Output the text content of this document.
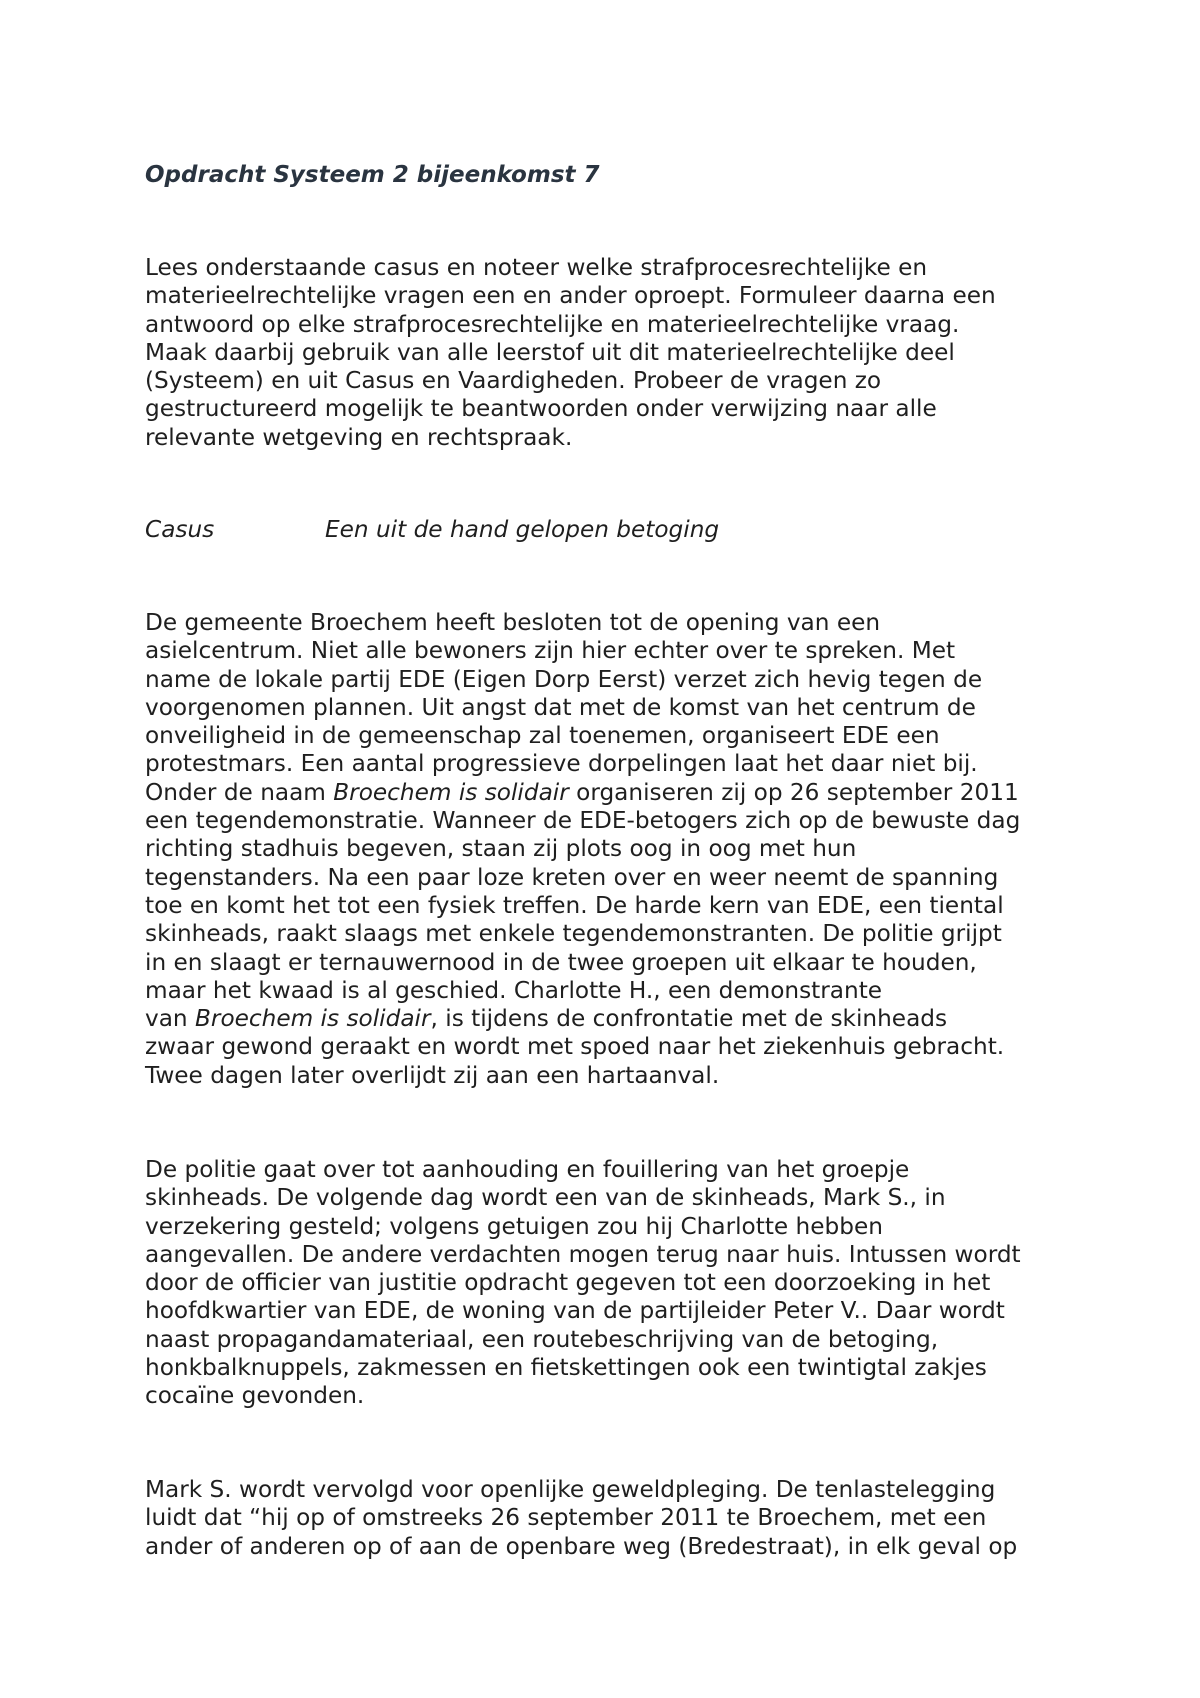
Opdracht Systeem 2 bijeenkomst 7

Lees onderstaande casus en noteer welke strafprocesrechtelijke en
materieelrechtelijke vragen een en ander oproept. Formuleer daarna een
antwoord op elke strafprocesrechtelijke en materieelrechtelijke vraag.
Maak daarbij gebruik van alle leerstof uit dit materieelrechtelijke deel
(Systeem) en uit Casus en Vaardigheden. Probeer de vragen zo
gestructureerd mogelijk te beantwoorden onder verwijzing naar alle
relevante wetgeving en rechtspraak.

Casus	Een uit de hand gelopen betoging

De gemeente Broechem heeft besloten tot de opening van een
asielcentrum. Niet alle bewoners zijn hier echter over te spreken. Met
name de lokale partij EDE (Eigen Dorp Eerst) verzet zich hevig tegen de
voorgenomen plannen. Uit angst dat met de komst van het centrum de
onveiligheid in de gemeenschap zal toenemen, organiseert EDE een
protestmars. Een aantal progressieve dorpelingen laat het daar niet bij.
Onder de naam Broechem is solidair organiseren zij op 26 september 2011
een tegendemonstratie. Wanneer de EDE-betogers zich op de bewuste dag
richting stadhuis begeven, staan zij plots oog in oog met hun
tegenstanders. Na een paar loze kreten over en weer neemt de spanning
toe en komt het tot een fysiek treffen. De harde kern van EDE, een tiental
skinheads, raakt slaags met enkele tegendemonstranten. De politie grijpt
in en slaagt er ternauwernood in de twee groepen uit elkaar te houden,
maar het kwaad is al geschied. Charlotte H., een demonstrante
van Broechem is solidair, is tijdens de confrontatie met de skinheads
zwaar gewond geraakt en wordt met spoed naar het ziekenhuis gebracht.
Twee dagen later overlijdt zij aan een hartaanval.

De politie gaat over tot aanhouding en fouillering van het groepje
skinheads. De volgende dag wordt een van de skinheads, Mark S., in
verzekering gesteld; volgens getuigen zou hij Charlotte hebben
aangevallen. De andere verdachten mogen terug naar huis. Intussen wordt
door de officier van justitie opdracht gegeven tot een doorzoeking in het
hoofdkwartier van EDE, de woning van de partijleider Peter V.. Daar wordt
naast propagandamateriaal, een routebeschrijving van de betoging,
honkbalknuppels, zakmessen en fietskettingen ook een twintigtal zakjes
cocaïne gevonden.

Mark S. wordt vervolgd voor openlijke geweldpleging. De tenlastelegging
luidt dat “hij op of omstreeks 26 september 2011 te Broechem, met een
ander of anderen op of aan de openbare weg (Bredestraat), in elk geval op
